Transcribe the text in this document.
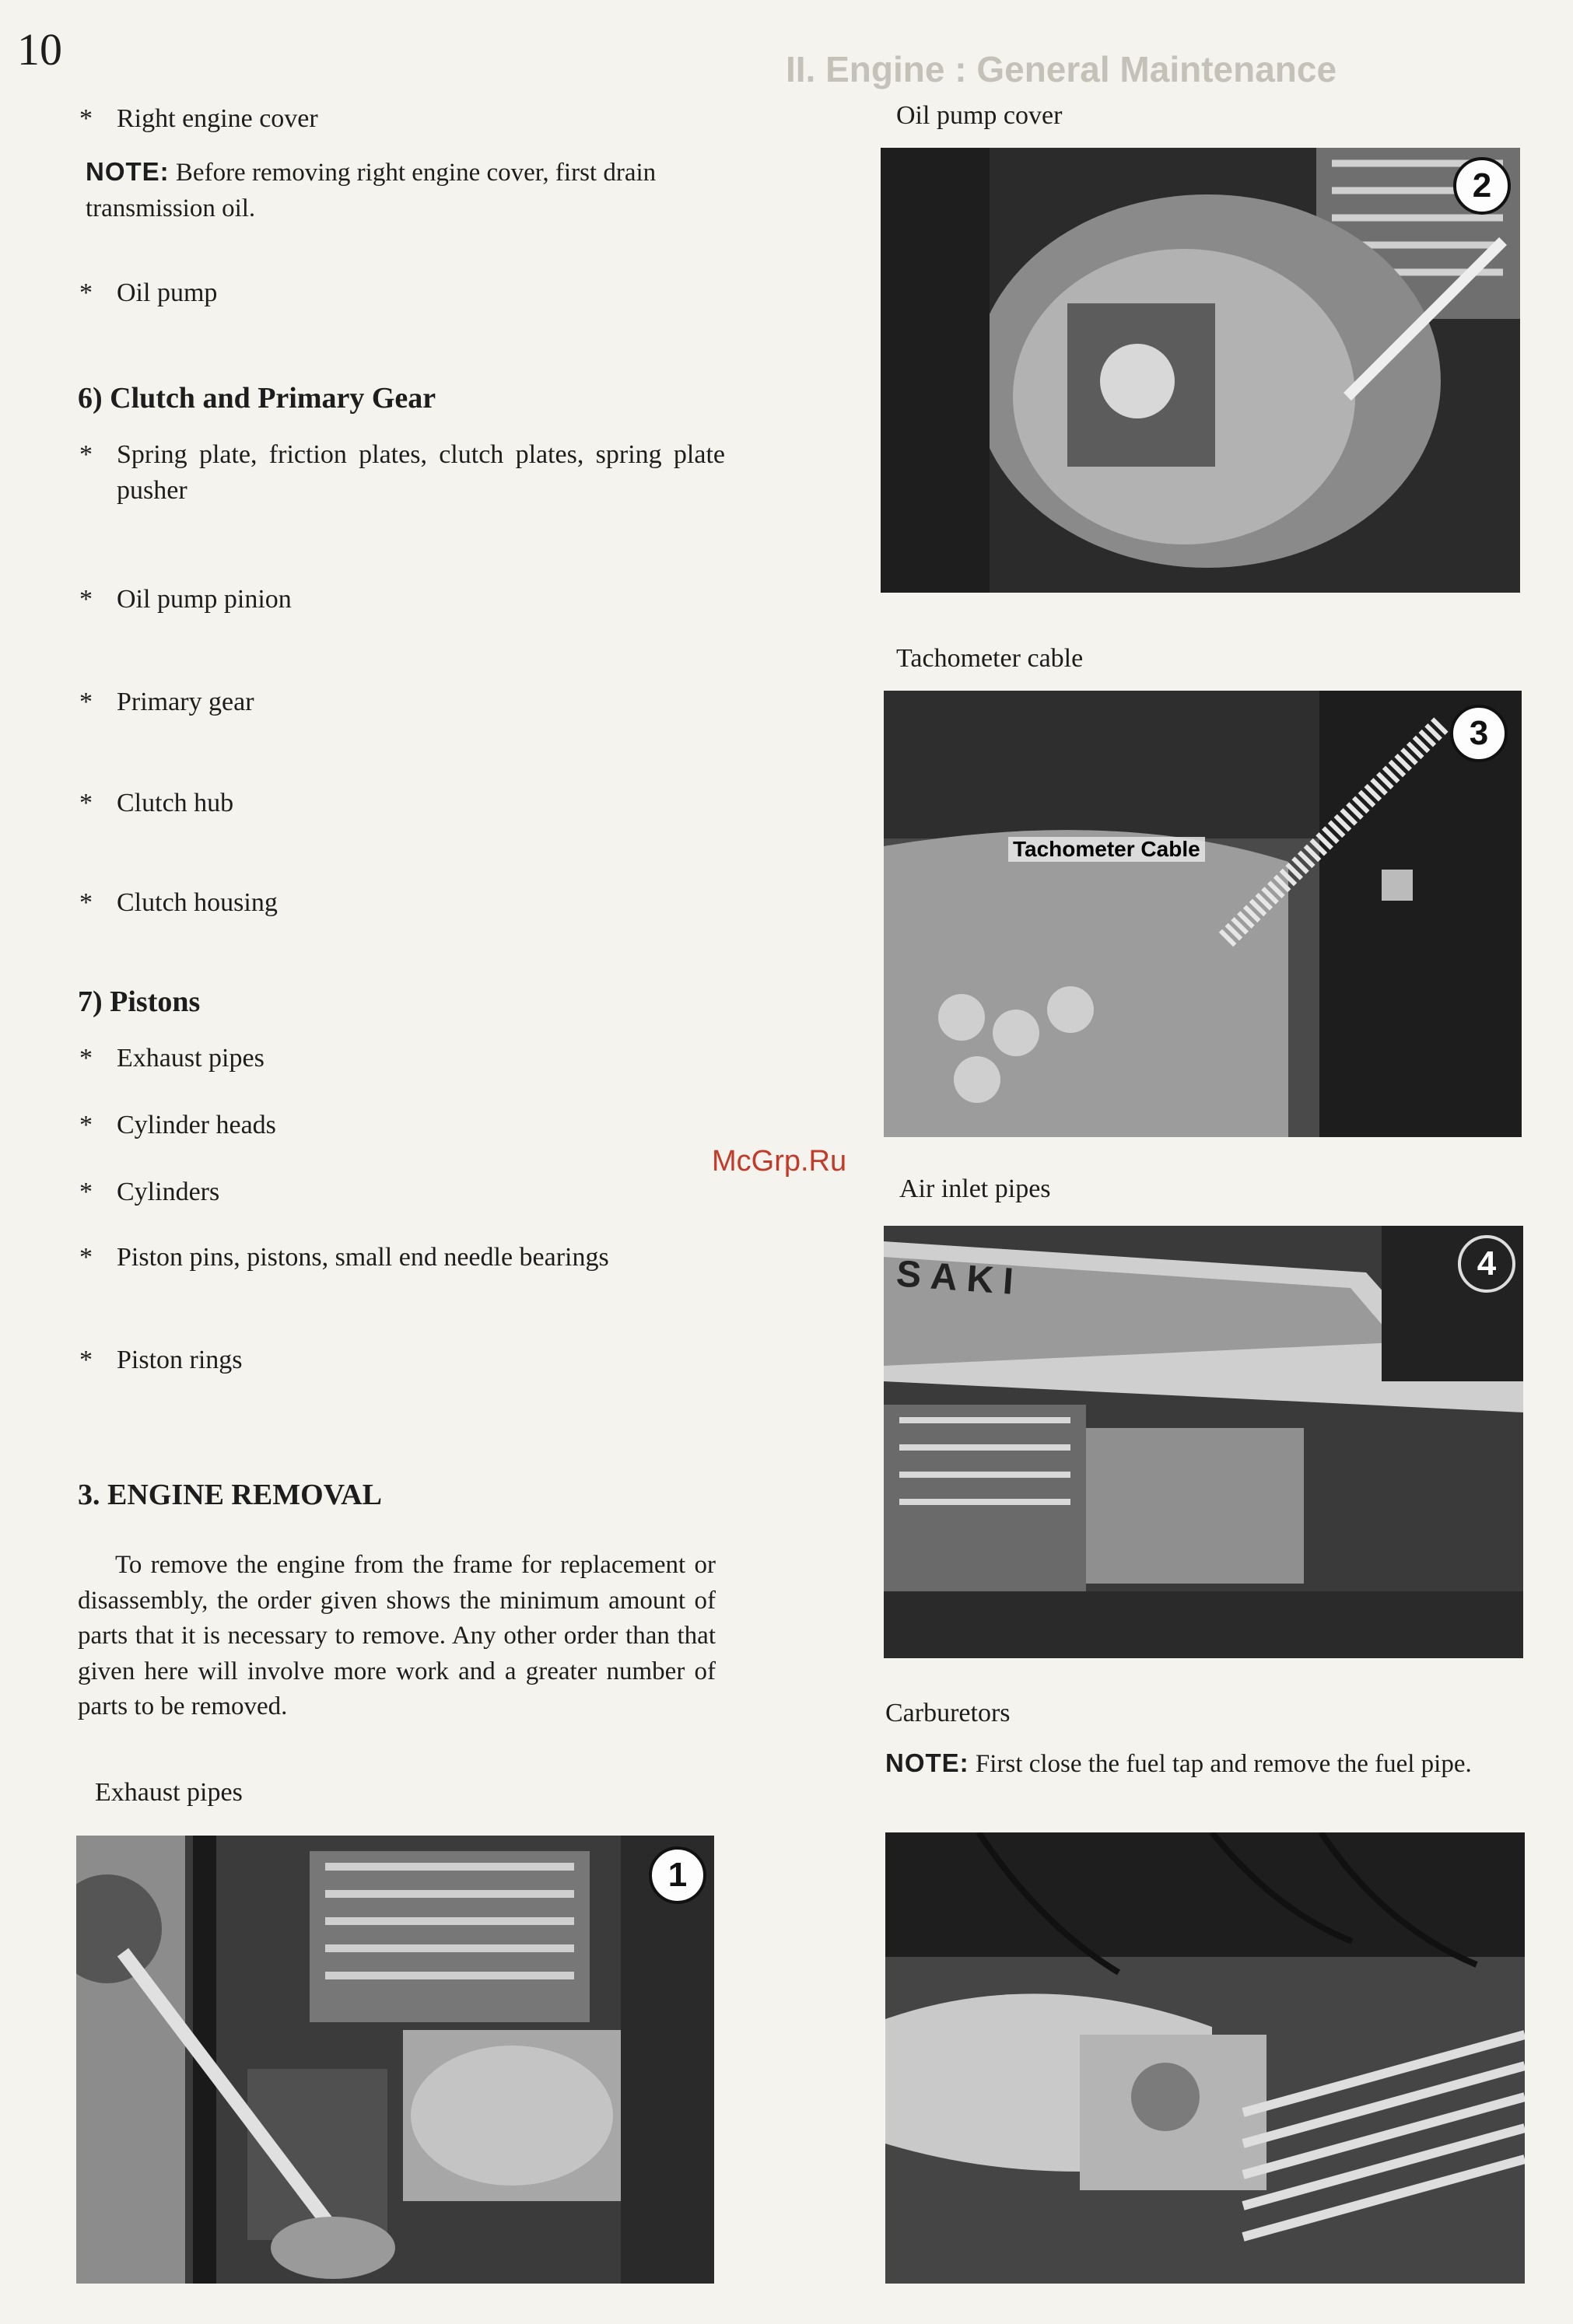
II. Engine : General Maintenance
10
* Right engine cover
NOTE: Before removing right engine cover, first drain transmission oil.
* Oil pump
6) Clutch and Primary Gear
* Spring plate, friction plates, clutch plates, spring plate pusher
* Oil pump pinion
* Primary gear
* Clutch hub
* Clutch housing
7) Pistons
* Exhaust pipes
* Cylinder heads
* Cylinders
* Piston pins, pistons, small end needle bearings
* Piston rings
3. ENGINE REMOVAL
To remove the engine from the frame for replacement or disassembly, the order given shows the minimum amount of parts that it is necessary to remove. Any other order than that given here will involve more work and a greater number of parts to be removed.
Exhaust pipes
1
Oil pump cover
2
Tachometer cable
Tachometer Cable
3
Air inlet pipes
SAKI	4
Carburetors
NOTE: First close the fuel tap and remove the fuel pipe.
McGrp.Ru
